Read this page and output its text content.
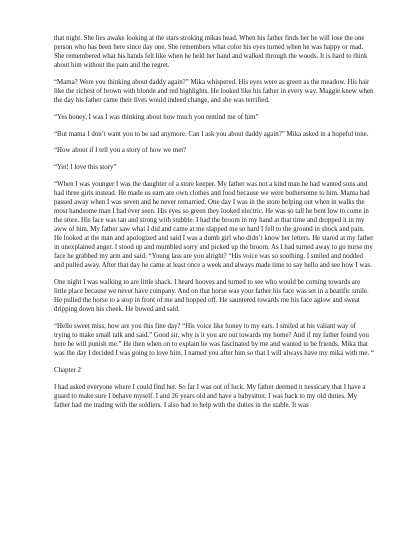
that night. She lies awake looking at the stars stroking mikas head. When his father finds her he will lose the one person who has been here since day one. She remembers what color his eyes turned when he was happy or mad. She remembered what his hands felt like when he held her hand and walked through the woods. It is hard to think about him without the pain and the regret.

“Mama? Were you thinking about daddy again?” Mika whispered. His eyes were as green as the meadow. His hair like the richest of brown with blonde and red highlights. He looked like his father in every way. Maggie knew when the day his father came their lives would indeed change, and she was terrified.

“Yes honey, I was I was thinking about how much you remind me of him”

“But mama I don’t want you to be sad anymore. Can I ask you about daddy again?” Mika asked in a hopeful tone.

“How about if I tell you a story of how we met?

“Yet! I love this story”

“When I was younger I was the daughter of a store keeper. My father was not a kind man he had wanted sons and had three girls instead. He made us earn are own clothes and food because we were bothersome to him. Mama had passed away when I was seven and he never remarried. One day I was in the store helping out when in walks the most handsome man I had ever seen. His eyes so green they looked electric. He was so tall he bent low to come in the store. His face was tan and strong with stubble. I had the broom in my hand at that time and dropped it in my aww of him. My father saw what I did and came at me slapped me so hard I fell to the ground in shock and pain. He looked at the man and apologized and said I was a dumb girl who didn’t know her letters. He stared at my father in unexplained anger. I stood up and mumbled sorry and picked up the broom. As I had turned away to go nurse my face he grabbed my arm and said. “Young lass are you alright? “His voice was so soothing. I smiled and nodded and pulled away. After that day he came at least once a week and always made time to say hello and see how I was.

One night I was walking to are little shack. I heard hooves and turned to see who would be coming towards are little place because we never have company. And on that horse was your father his face was set in a beatific smile. He pulled the horse to a stop in front of me and hopped off. He sauntered towards me his face aglow and sweat dripping down his cheek. He bowed and said.

“Hello sweet miss, how are you this fine day? “His voice like honey to my ears. I smiled at his valiant way of trying to make small talk and said.” Good sir, why is it you are out towards my home? And if my father found you here he will punish me.” He then when on to explain he was fascinated by me and wanted to be friends. Mika that was the day I decided I was going to love him. I named you after him so that I will always have my mika with me. “

Chapter 2

I had asked everyone where I could find her. So far I was out of luck. My father deemed it nessicary that I have a guard to make sure I behave myself. I and 26 years old and have a babysitter. I was back to my old duties. My father had me trading with the soldiers. I also had to help with the duties in the stable. It was
